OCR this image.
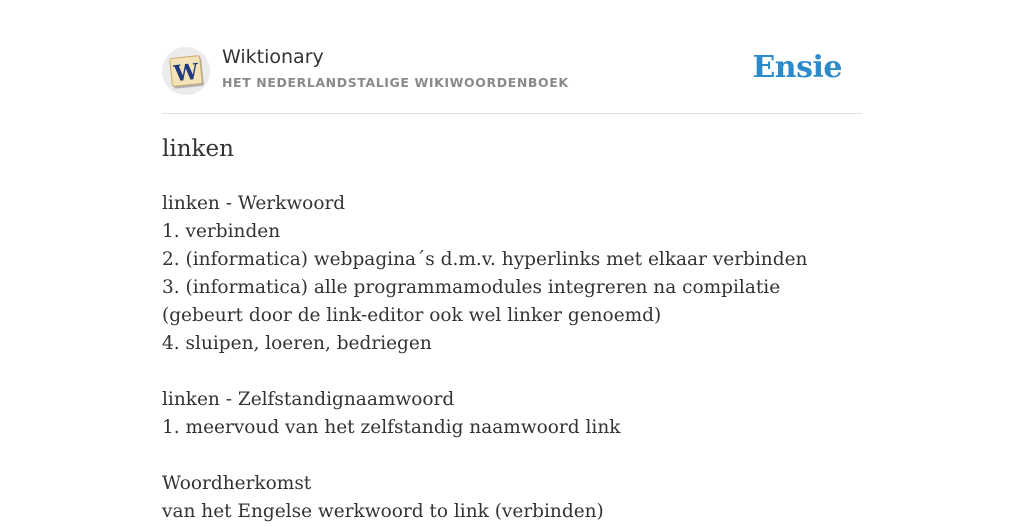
W
Wiktionary
HET NEDERLANDSTALIGE WIKIWOORDENBOEK	Ensie
linken
linken - Werkwoord
1. verbinden
2. (informatica) webpagina´s d.m.v. hyperlinks met elkaar verbinden
3. (informatica) alle programmamodules integreren na compilatie (gebeurt door de link-editor ook wel linker genoemd)
4. sluipen, loeren, bedriegen
linken - Zelfstandignaamwoord
1. meervoud van het zelfstandig naamwoord link
Woordherkomst
van het Engelse werkwoord to link (verbinden)
